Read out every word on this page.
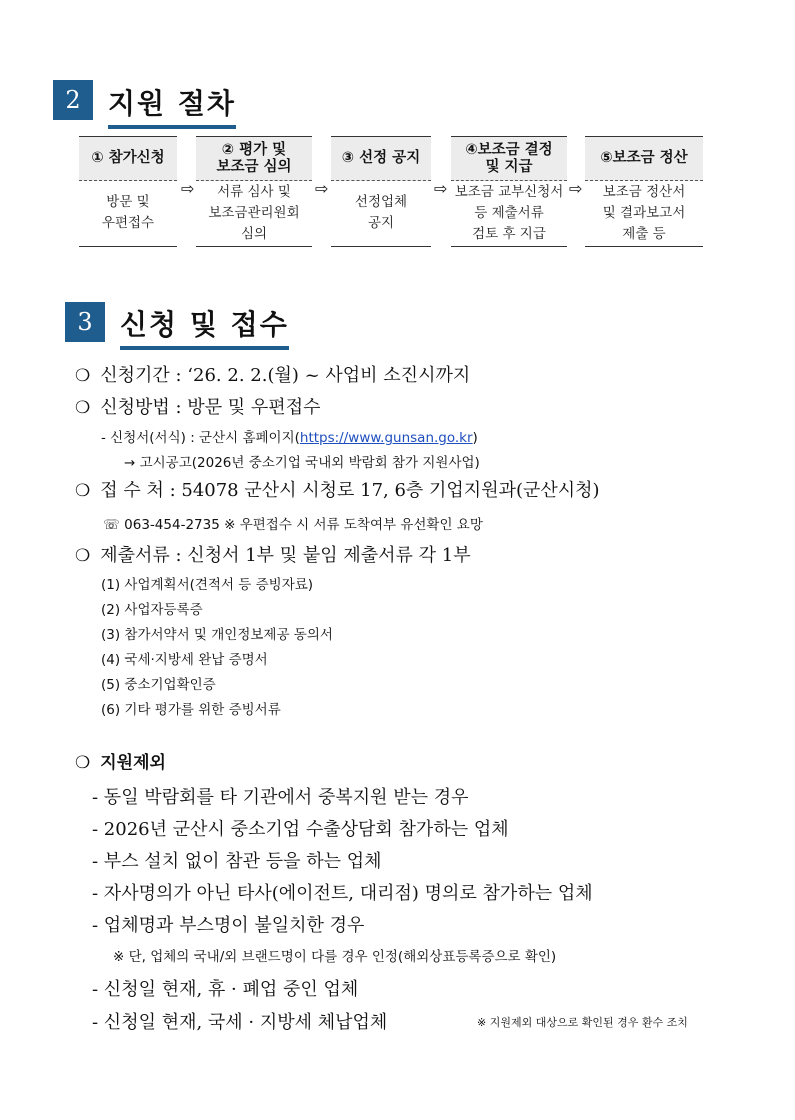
2 지원 절차
① 참가신청
방문 및
우편접수
⇨
② 평가 및
보조금 심의
서류 심사 및
보조금관리원회
심의
⇨
③ 선정 공지
선정업체
공지
⇨
④보조금 결정
및 지급
보조금 교부신청서
등 제출서류
검토 후 지급
⇨
⑤보조금 정산
보조금 정산서
및 결과보고서
제출 등
3 신청 및 접수
❍ 신청기간 : ‘26. 2. 2.(월) ~ 사업비 소진시까지
❍ 신청방법 : 방문 및 우편접수
- 신청서(서식) : 군산시 홈페이지(https://www.gunsan.go.kr)
→ 고시공고(2026년 중소기업 국내외 박람회 참가 지원사업)
❍ 접 수 처 : 54078 군산시 시청로 17, 6층 기업지원과(군산시청)
☏ 063-454-2735 ※ 우편접수 시 서류 도착여부 유선확인 요망
❍ 제출서류 : 신청서 1부 및 붙임 제출서류 각 1부
(1) 사업계획서(견적서 등 증빙자료)
(2) 사업자등록증
(3) 참가서약서 및 개인정보제공 동의서
(4) 국세·지방세 완납 증명서
(5) 중소기업확인증
(6) 기타 평가를 위한 증빙서류
❍ 지원제외
- 동일 박람회를 타 기관에서 중복지원 받는 경우
- 2026년 군산시 중소기업 수출상담회 참가하는 업체
- 부스 설치 없이 참관 등을 하는 업체
- 자사명의가 아닌 타사(에이전트, 대리점) 명의로 참가하는 업체
- 업체명과 부스명이 불일치한 경우
※ 단, 업체의 국내/외 브랜드명이 다를 경우 인정(해외상표등록증으로 확인)
- 신청일 현재, 휴 · 폐업 중인 업체
- 신청일 현재, 국세 · 지방세 체납업체	※ 지원제외 대상으로 확인된 경우 환수 조치
